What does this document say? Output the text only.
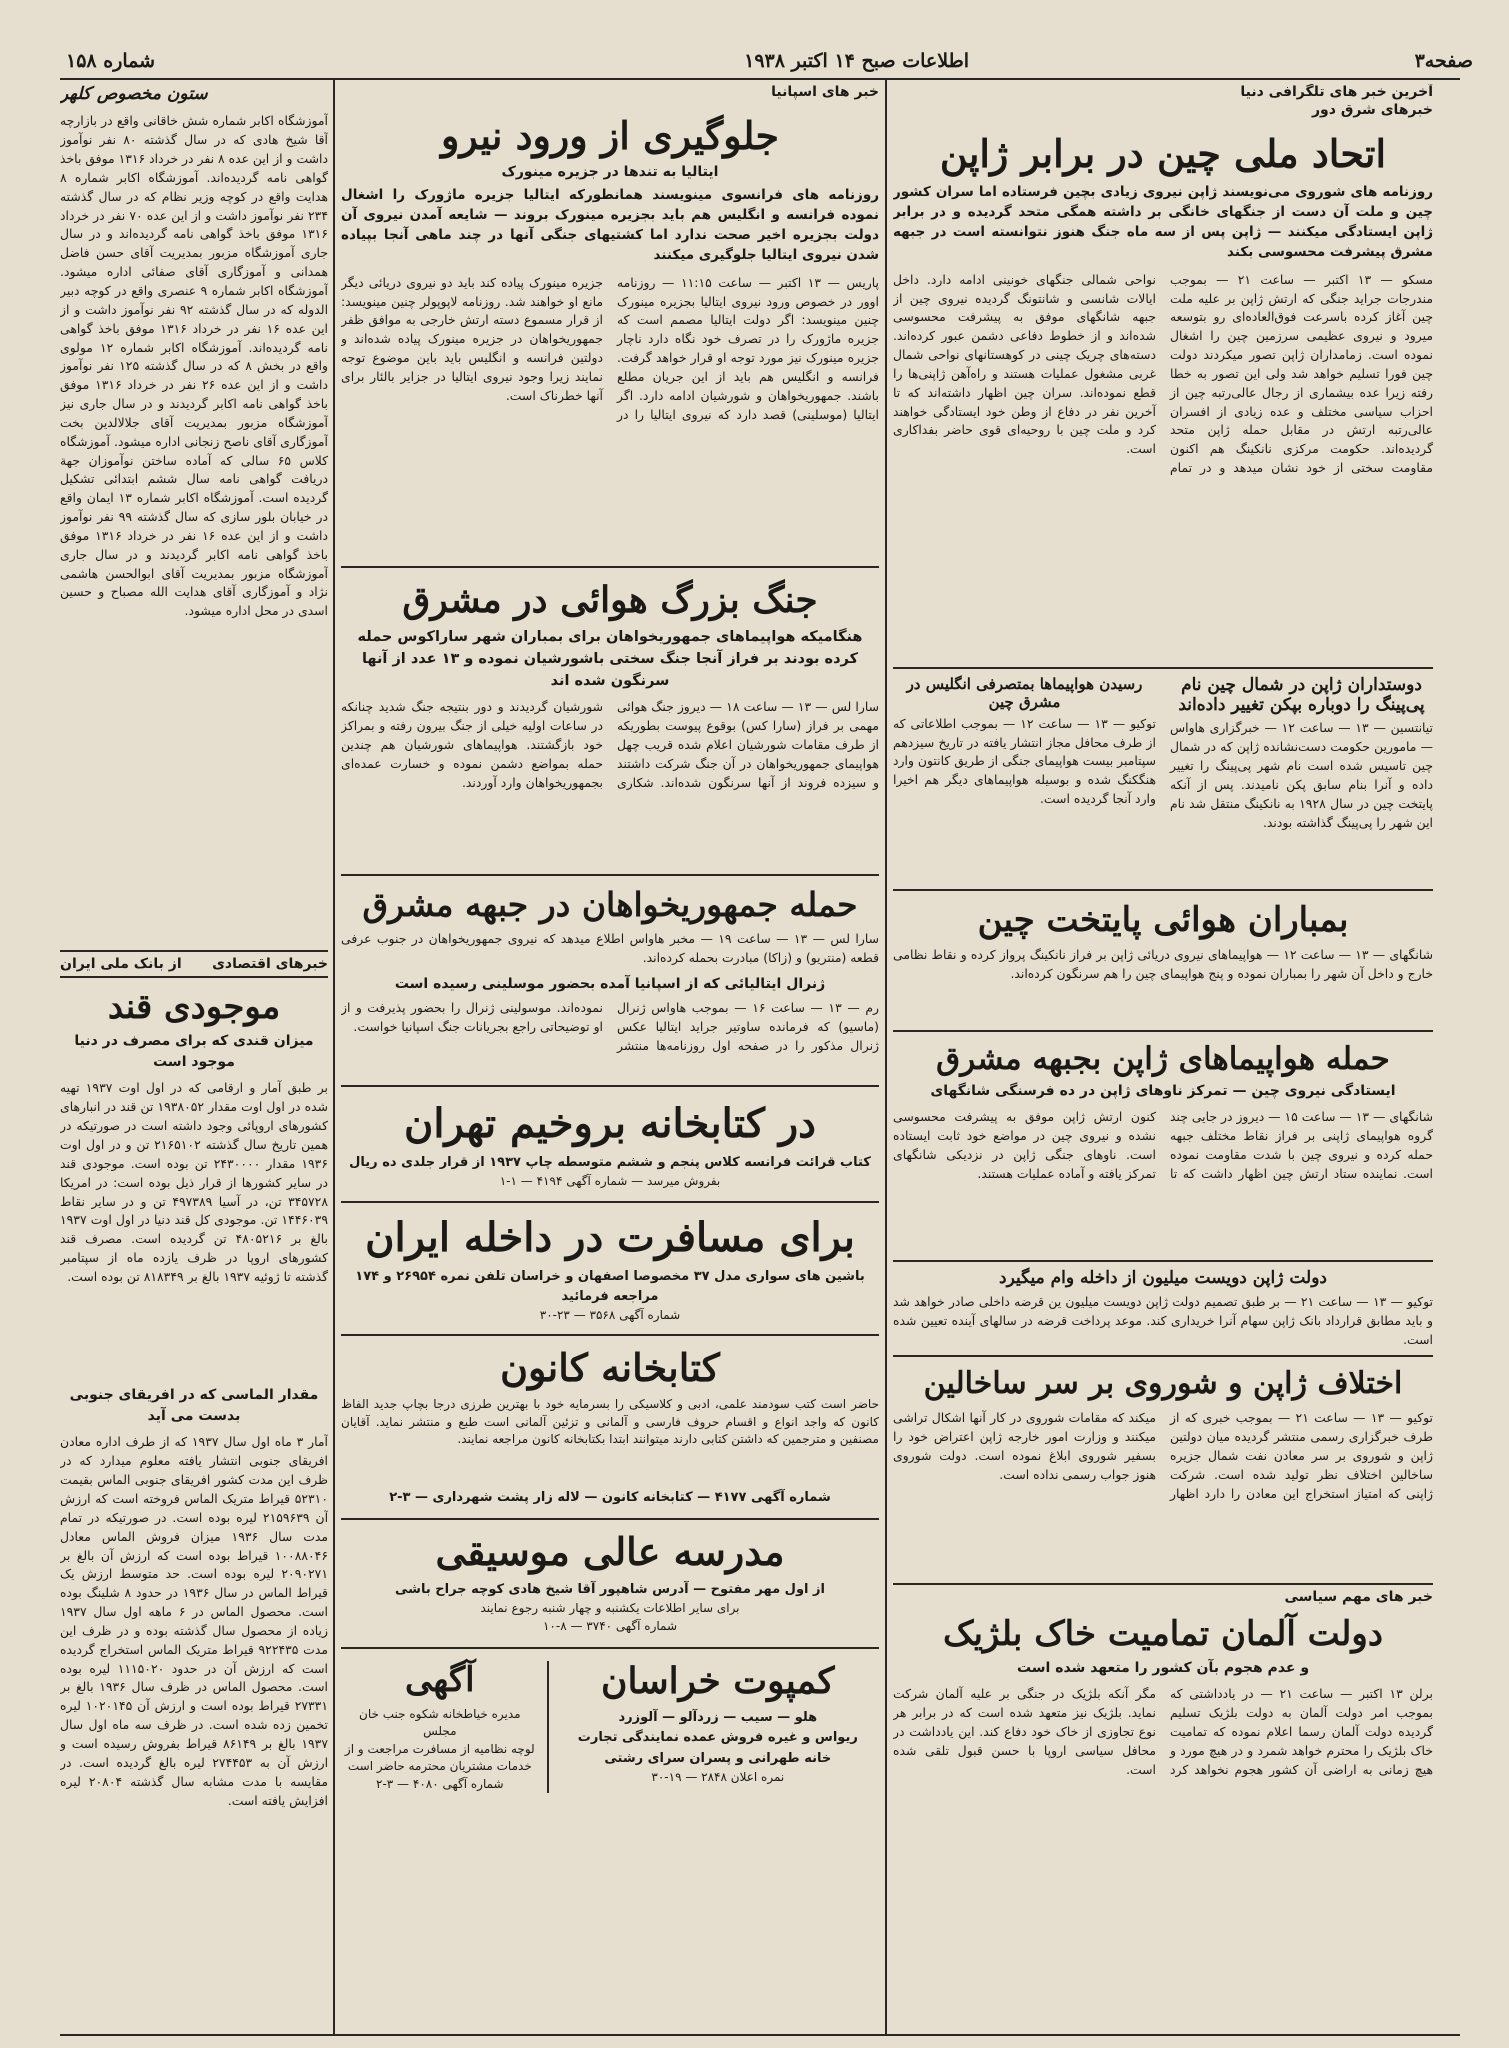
صفحه۳
اطلاعات صبح ۱۴ اکتبر ۱۹۳۸
شماره ۱۵۸
آخرین خبر های تلگرافی دنیا
خبرهای شرق دور
اتحاد ملی چین در برابر ژاپن
روزنامه های شوروی می‌نویسند ژاپن نیروی زیادی بچین فرستاده اما سران کشور چین و ملت آن دست از جنگهای خانگی بر داشته همگی متحد گردیده و در برابر ژاپن ایستادگی میکنند — ژاپن پس از سه ماه جنگ هنوز نتوانسته است در جبهه مشرق پیشرفت محسوسی بکند
مسکو — ۱۳ اکتبر — ساعت ۲۱ — بموجب مندرجات جراید جنگی که ارتش ژاپن بر علیه ملت چین آغاز کرده باسرعت فوق‌العاده‌ای رو بتوسعه میرود و نیروی عظیمی سرزمین چین را اشغال نموده است. زمامداران ژاپن تصور میکردند دولت چین فورا تسلیم خواهد شد ولی این تصور به خطا رفته زیرا عده بیشماری از رجال عالی‌رتبه چین از احزاب سیاسی مختلف و عده زیادی از افسران عالی‌رتبه ارتش در مقابل حمله ژاپن متحد گردیده‌اند. حکومت مرکزی نانکینگ هم اکنون مقاومت سختی از خود نشان میدهد و در تمام نواحی شمالی جنگهای خونینی ادامه دارد. داخل ایالات شانسی و شانتونگ گردیده نیروی چین از جبهه شانگهای موفق به پیشرفت محسوسی شده‌اند و از خطوط دفاعی دشمن عبور کرده‌اند. دسته‌های چریک چینی در کوهستانهای نواحی شمال غربی مشغول عملیات هستند و راه‌آهن ژاپنی‌ها را قطع نموده‌اند. سران چین اظهار داشته‌اند که تا آخرین نفر در دفاع از وطن خود ایستادگی خواهند کرد و ملت چین با روحیه‌ای قوی حاضر بفداکاری است.
دوستداران ژاپن در شمال چین نام پی‌پینگ را دوباره بپکن تغییر داده‌اند
تیانتسین — ۱۳ — ساعت ۱۲ — خبرگزاری هاواس — مامورین حکومت دست‌نشانده ژاپن که در شمال چین تاسیس شده است نام شهر پی‌پینگ را تغییر داده و آنرا بنام سابق پکن نامیدند. پس از آنکه پایتخت چین در سال ۱۹۲۸ به نانکینگ منتقل شد نام این شهر را پی‌پینگ گذاشته بودند.
رسیدن هواپیماها بمتصرفی انگلیس در مشرق چین
توکیو — ۱۳ — ساعت ۱۲ — بموجب اطلاعاتی که از طرف محافل مجاز انتشار یافته در تاریخ سیزدهم سپتامبر بیست هواپیمای جنگی از طریق کانتون وارد هنگکنگ شده و بوسیله هواپیماهای دیگر هم اخیرا وارد آنجا گردیده است.
بمباران هوائی پایتخت چین
شانگهای — ۱۳ — ساعت ۱۲ — هواپیماهای نیروی دریائی ژاپن بر فراز نانکینگ پرواز کرده و نقاط نظامی خارج و داخل آن شهر را بمباران نموده و پنج هواپیمای چین را هم سرنگون کرده‌اند.
حمله هواپیماهای ژاپن بجبهه مشرق
ایستادگی نیروی چین — تمرکز ناوهای ژاپن در ده فرسنگی شانگهای
شانگهای — ۱۳ — ساعت ۱۵ — دیروز در جایی چند گروه هواپیمای ژاپنی بر فراز نقاط مختلف جبهه حمله کرده و نیروی چین با شدت مقاومت نموده است. نماینده ستاد ارتش چین اظهار داشت که تا کنون ارتش ژاپن موفق به پیشرفت محسوسی نشده و نیروی چین در مواضع خود ثابت ایستاده است. ناوهای جنگی ژاپن در نزدیکی شانگهای تمرکز یافته و آماده عملیات هستند.
دولت ژاپن دویست میلیون از داخله وام میگیرد
توکیو — ۱۳ — ساعت ۲۱ — بر طبق تصمیم دولت ژاپن دویست میلیون ین قرضه داخلی صادر خواهد شد و باید مطابق قرارداد بانک ژاپن سهام آنرا خریداری کند. موعد پرداخت قرضه در سالهای آینده تعیین شده است.
اختلاف ژاپن و شوروی بر سر ساخالین
توکیو — ۱۳ — ساعت ۲۱ — بموجب خبری که از طرف خبرگزاری رسمی منتشر گردیده میان دولتین ژاپن و شوروی بر سر معادن نفت شمال جزیره ساخالین اختلاف نظر تولید شده است. شرکت ژاپنی که امتیاز استخراج این معادن را دارد اظهار میکند که مقامات شوروی در کار آنها اشکال تراشی میکنند و وزارت امور خارجه ژاپن اعتراض خود را بسفیر شوروی ابلاغ نموده است. دولت شوروی هنوز جواب رسمی نداده است.
خبر های مهم سیاسی
دولت آلمان تمامیت خاک بلژیک
و عدم هجوم بآن کشور را متعهد شده است
برلن ۱۳ اکتبر — ساعت ۲۱ — در یادداشتی که بموجب امر دولت آلمان به دولت بلژیک تسلیم گردیده دولت آلمان رسما اعلام نموده که تمامیت خاک بلژیک را محترم خواهد شمرد و در هیچ مورد و هیچ زمانی به اراضی آن کشور هجوم نخواهد کرد مگر آنکه بلژیک در جنگی بر علیه آلمان شرکت نماید. بلژیک نیز متعهد شده است که در برابر هر نوع تجاوزی از خاک خود دفاع کند. این یادداشت در محافل سیاسی اروپا با حسن قبول تلقی شده است.
خبر های اسپانیا
جلوگیری از ورود نیرو
ایتالیا به تندها در جزیره مینورک
روزنامه های فرانسوی مینویسند همانطورکه ایتالیا جزیره ماژورک را اشغال نموده فرانسه و انگلیس هم باید بجزیره مینورک بروند — شایعه آمدن نیروی آن دولت بجزیره اخیر صحت ندارد اما کشتیهای جنگی آنها در چند ماهی آنجا بپیاده شدن نیروی ایتالیا جلوگیری میکنند
پاریس — ۱۳ اکتبر — ساعت ۱۱:۱۵ — روزنامه اوور در خصوص ورود نیروی ایتالیا بجزیره مینورک چنین مینویسد: اگر دولت ایتالیا مصمم است که جزیره ماژورک را در تصرف خود نگاه دارد ناچار جزیره مینورک نیز مورد توجه او قرار خواهد گرفت. فرانسه و انگلیس هم باید از این جریان مطلع باشند. جمهوریخواهان و شورشیان ادامه دارد. اگر ایتالیا (موسلینی) قصد دارد که نیروی ایتالیا را در جزیره مینورک پیاده کند باید دو نیروی دریائی دیگر مانع او خواهند شد. روزنامه لاپوپولر چنین مینویسد: از قرار مسموع دسته ارتش خارجی به موافق ظفر جمهوریخواهان در جزیره مینورک پیاده شده‌اند و دولتین فرانسه و انگلیس باید باین موضوع توجه نمایند زیرا وجود نیروی ایتالیا در جزایر بالئار برای آنها خطرناک است.
جنگ بزرگ هوائی در مشرق
هنگامیکه هواپیماهای جمهوریخواهان برای بمباران شهر ساراکوس حمله کرده بودند بر فراز آنجا جنگ سختی باشورشیان نموده و ۱۳ عدد از آنها سرنگون شده اند
سارا لس — ۱۳ — ساعت ۱۸ — دیروز جنگ هوائی مهمی بر فراز (سارا کس) بوقوع پیوست بطوریکه از طرف مقامات شورشیان اعلام شده قریب چهل هواپیمای جمهوریخواهان در آن جنگ شرکت داشتند و سیزده فروند از آنها سرنگون شده‌اند. شکاری شورشیان گردیدند و دور بنتیجه جنگ شدید چنانکه در ساعات اولیه خیلی از جنگ بیرون رفته و بمراکز خود بازگشتند. هواپیماهای شورشیان هم چندین حمله بمواضع دشمن نموده و خسارت عمده‌ای بجمهوریخواهان وارد آوردند.
حمله جمهوریخواهان در جبهه مشرق
سارا لس — ۱۳ — ساعت ۱۹ — مخبر هاواس اطلاع میدهد که نیروی جمهوریخواهان در جنوب عرفی قطعه (منتریو) و (زاکا) مبادرت بحمله کرده‌اند.
ژنرال ایتالیائی که از اسپانیا آمده بحضور موسلینی رسیده است
رم — ۱۳ — ساعت ۱۶ — بموجب هاواس ژنرال (ماسیو) که فرمانده ساوتیر جراید ایتالیا عکس ژنرال مذکور را در صفحه اول روزنامه‌ها منتشر نموده‌اند. موسولینی ژنرال را بحضور پذیرفت و از او توضیحاتی راجع بجریانات جنگ اسپانیا خواست.
در کتابخانه بروخیم تهران
کتاب قرائت فرانسه کلاس پنجم و ششم متوسطه چاپ ۱۹۳۷ از قرار جلدی ده ریال
بفروش میرسد — شماره آگهی ۴۱۹۴ — ۱-۱
برای مسافرت در داخله ایران
باشین های سواری مدل ۳۷ مخصوصا اصفهان و خراسان تلفن نمره ۲۶۹۵۴ و ۱۷۴ مراجعه فرمائید
شماره آگهی ۳۵۶۸ — ۲۳-۳۰
کتابخانه کانون
حاضر است کتب سودمند علمی، ادبی و کلاسیکی را بسرمایه خود با بهترین طرزی درجا بچاپ جدید الفاظ کانون که واجد انواع و اقسام حروف فارسی و آلمانی و تزئین آلمانی است طبع و منتشر نماید. آقایان مصنفین و مترجمین که داشتن کتابی دارند میتوانند ابتدا بکتابخانه کانون مراجعه نمایند.
شماره آگهی ۴۱۷۷ — کتابخانه کانون — لاله زار پشت شهرداری — ۳-۲
مدرسه عالی موسیقی
از اول مهر مفتوح — آدرس شاهپور آقا شیخ هادی کوچه جراح باشی
برای سایر اطلاعات یکشنبه و چهار شنبه رجوع نمایند
شماره آگهی ۳۷۴۰ — ۸-۱۰
کمپوت خراسان
هلو — سیب — زردآلو — آلوزرد
ریواس و غیره فروش عمده نمایندگی تجارت
خانه طهرانی و پسران سرای رشتی
نمره اعلان ۲۸۴۸ — ۱۹-۳۰
آگهی
مدیره خیاطخانه شکوه جنب خان مجلس
لوچه نظامیه از مسافرت مراجعت و از
خدمات مشتریان محترمه حاضر است
شماره آگهی ۴۰۸۰ — ۳-۲
ستون مخصوص کلهر
آموزشگاه اکابر شماره شش خاقانی واقع در بازارچه آقا شیخ هادی که در سال گذشته ۸۰ نفر نوآموز داشت و از این عده ۸ نفر در خرداد ۱۳۱۶ موفق باخذ گواهی نامه گردیده‌اند. آموزشگاه اکابر شماره ۸ هدایت واقع در کوچه وزیر نظام که در سال گذشته ۲۳۴ نفر نوآموز داشت و از این عده ۷۰ نفر در خرداد ۱۳۱۶ موفق باخذ گواهی نامه گردیده‌اند و در سال جاری آموزشگاه مزبور بمدیریت آقای حسن فاضل همدانی و آموزگاری آقای صفائی اداره میشود. آموزشگاه اکابر شماره ۹ عنصری واقع در کوچه دبیر الدوله که در سال گذشته ۹۲ نفر نوآموز داشت و از این عده ۱۶ نفر در خرداد ۱۳۱۶ موفق باخذ گواهی نامه گردیده‌اند. آموزشگاه اکابر شماره ۱۲ مولوی واقع در بخش ۸ که در سال گذشته ۱۲۵ نفر نوآموز داشت و از این عده ۲۶ نفر در خرداد ۱۳۱۶ موفق باخذ گواهی نامه اکابر گردیدند و در سال جاری نیز آموزشگاه مزبور بمدیریت آقای جلالالدین بخت آموزگاری آقای ناصح زنجانی اداره میشود. آموزشگاه کلاس ۶۵ سالی که آماده ساختن نوآموزان جهة دریافت گواهی نامه سال ششم ابتدائی تشکیل گردیده است. آموزشگاه اکابر شماره ۱۳ ایمان واقع در خیابان بلور سازی که سال گذشته ۹۹ نفر نوآموز داشت و از این عده ۱۶ نفر در خرداد ۱۳۱۶ موفق باخذ گواهی نامه اکابر گردیدند و در سال جاری آموزشگاه مزبور بمدیریت آقای ابوالحسن هاشمی نژاد و آموزگاری آقای هدایت الله مصباح و حسین اسدی در محل اداره میشود.
خبرهای اقتصادی
از بانک ملی ایران
موجودی قند
میزان قندی که برای مصرف در دنیا موجود است
بر طبق آمار و ارقامی که در اول اوت ۱۹۳۷ تهیه شده در اول اوت مقدار ۱۹۳۸۰۵۲ تن قند در انبارهای کشورهای اروپائی وجود داشته است در صورتیکه در همین تاریخ سال گذشته ۲۱۶۵۱۰۲ تن و در اول اوت ۱۹۳۶ مقدار ۲۴۳۰۰۰۰ تن بوده است. موجودی قند در سایر کشورها از قرار ذیل بوده است: در امریکا ۳۴۵۷۲۸ تن، در آسیا ۴۹۷۳۸۹ تن و در سایر نقاط ۱۴۴۶۰۳۹ تن. موجودی کل قند دنیا در اول اوت ۱۹۳۷ بالغ بر ۴۸۰۵۲۱۶ تن گردیده است. مصرف قند کشورهای اروپا در ظرف یازده ماه از سپتامبر گذشته تا ژوئیه ۱۹۳۷ بالغ بر ۸۱۸۳۴۹ تن بوده است.
مقدار الماسی که در افریقای جنوبی بدست می آید
آمار ۳ ماه اول سال ۱۹۳۷ که از طرف اداره معادن افریقای جنوبی انتشار یافته معلوم میدارد که در ظرف این مدت کشور افریقای جنوبی الماس بقیمت ۵۲۳۱۰ قیراط متریک الماس فروخته است که ارزش آن ۲۱۵۹۶۳۹ لیره بوده است. در صورتیکه در تمام مدت سال ۱۹۳۶ میزان فروش الماس معادل ۱۰۰۸۸۰۴۶ قیراط بوده است که ارزش آن بالغ بر ۲۰۹۰۲۷۱ لیره بوده است. حد متوسط ارزش یک قیراط الماس در سال ۱۹۳۶ در حدود ۸ شلینگ بوده است. محصول الماس در ۶ ماهه اول سال ۱۹۳۷ زیاده از محصول سال گذشته بوده و در ظرف این مدت ۹۲۲۴۳۵ قیراط متریک الماس استخراج گردیده است که ارزش آن در حدود ۱۱۱۵۰۲۰ لیره بوده است. محصول الماس در ظرف سال ۱۹۳۶ بالغ بر ۲۷۳۳۱ قیراط بوده است و ارزش آن ۱۰۲۰۱۴۵ لیره تخمین زده شده است. در ظرف سه ماه اول سال ۱۹۳۷ بالغ بر ۸۶۱۴۹ قیراط بفروش رسیده است و ارزش آن به ۲۷۴۴۵۳ لیره بالغ گردیده است. در مقایسه با مدت مشابه سال گذشته ۲۰۸۰۴ لیره افزایش یافته است.
